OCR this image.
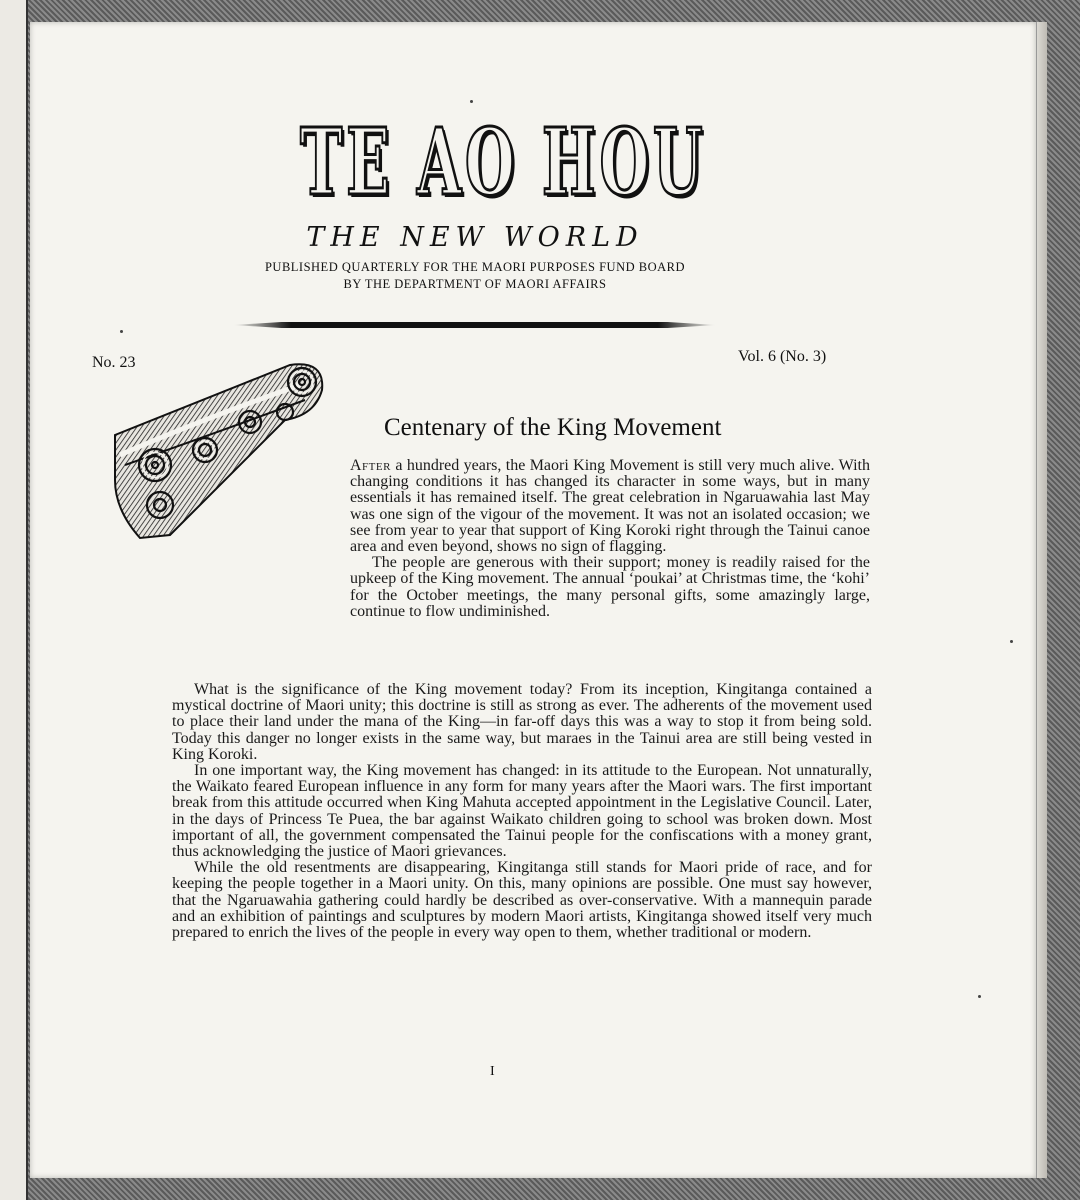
TE AO HOU
THE NEW WORLD
PUBLISHED QUARTERLY FOR THE MAORI PURPOSES FUND BOARD
BY THE DEPARTMENT OF MAORI AFFAIRS
No. 23	Vol. 6 (No. 3)
Centenary of the King Movement

After a hundred years, the Maori King Movement is still very much alive. With changing conditions it has changed its character in some ways, but in many essentials it has remained itself. The great celebration in Ngaruawahia last May was one sign of the vigour of the movement. It was not an isolated occasion; we see from year to year that support of King Koroki right through the Tainui canoe area and even beyond, shows no sign of flagging.

The people are generous with their support; money is readily raised for the upkeep of the King movement. The annual ‘poukai’ at Christmas time, the ‘kohi’ for the October meetings, the many personal gifts, some amazingly large, continue to flow undiminished.

What is the significance of the King movement today? From its inception, Kingitanga contained a mystical doctrine of Maori unity; this doctrine is still as strong as ever. The adherents of the movement used to place their land under the mana of the King—in far-off days this was a way to stop it from being sold. Today this danger no longer exists in the same way, but maraes in the Tainui area are still being vested in King Koroki.

In one important way, the King movement has changed: in its attitude to the European. Not unnaturally, the Waikato feared European influence in any form for many years after the Maori wars. The first important break from this attitude occurred when King Mahuta accepted appointment in the Legislative Council. Later, in the days of Princess Te Puea, the bar against Waikato children going to school was broken down. Most important of all, the government compensated the Tainui people for the confiscations with a money grant, thus acknowledging the justice of Maori grievances.

While the old resentments are disappearing, Kingitanga still stands for Maori pride of race, and for keeping the people together in a Maori unity. On this, many opinions are possible. One must say however, that the Ngaruawahia gathering could hardly be described as over-conservative. With a mannequin parade and an exhibition of paintings and sculptures by modern Maori artists, Kingitanga showed itself very much prepared to enrich the lives of the people in every way open to them, whether traditional or modern.

I
